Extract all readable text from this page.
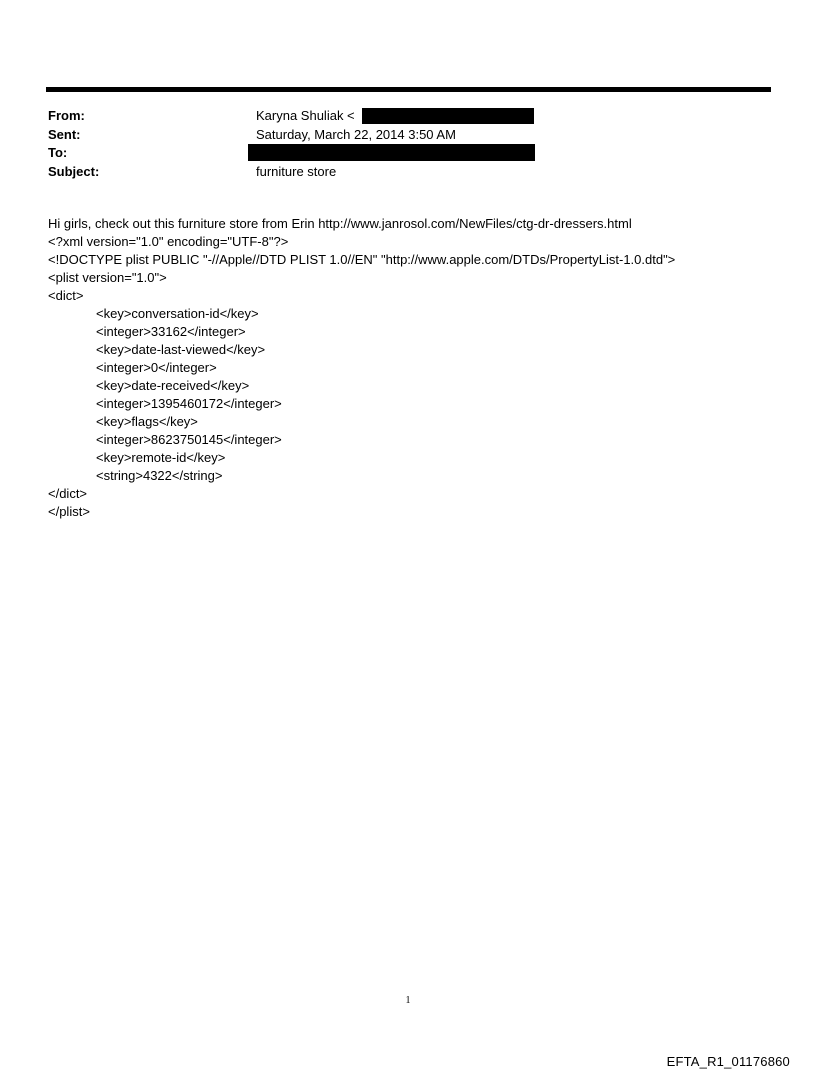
From:	Karyna Shuliak <
Sent:	Saturday, March 22, 2014 3:50 AM
To:
Subject:	furniture store
Hi girls, check out this furniture store from Erin http://www.janrosol.com/NewFiles/ctg-dr-dressers.html
<?xml version="1.0" encoding="UTF-8"?>
<!DOCTYPE plist PUBLIC "-//Apple//DTD PLIST 1.0//EN" "http://www.apple.com/DTDs/PropertyList-1.0.dtd">
<plist version="1.0">
<dict>
<key>conversation-id</key>
<integer>33162</integer>
<key>date-last-viewed</key>
<integer>0</integer>
<key>date-received</key>
<integer>1395460172</integer>
<key>flags</key>
<integer>8623750145</integer>
<key>remote-id</key>
<string>4322</string>
</dict>
</plist>
1
EFTA_R1_01176860
